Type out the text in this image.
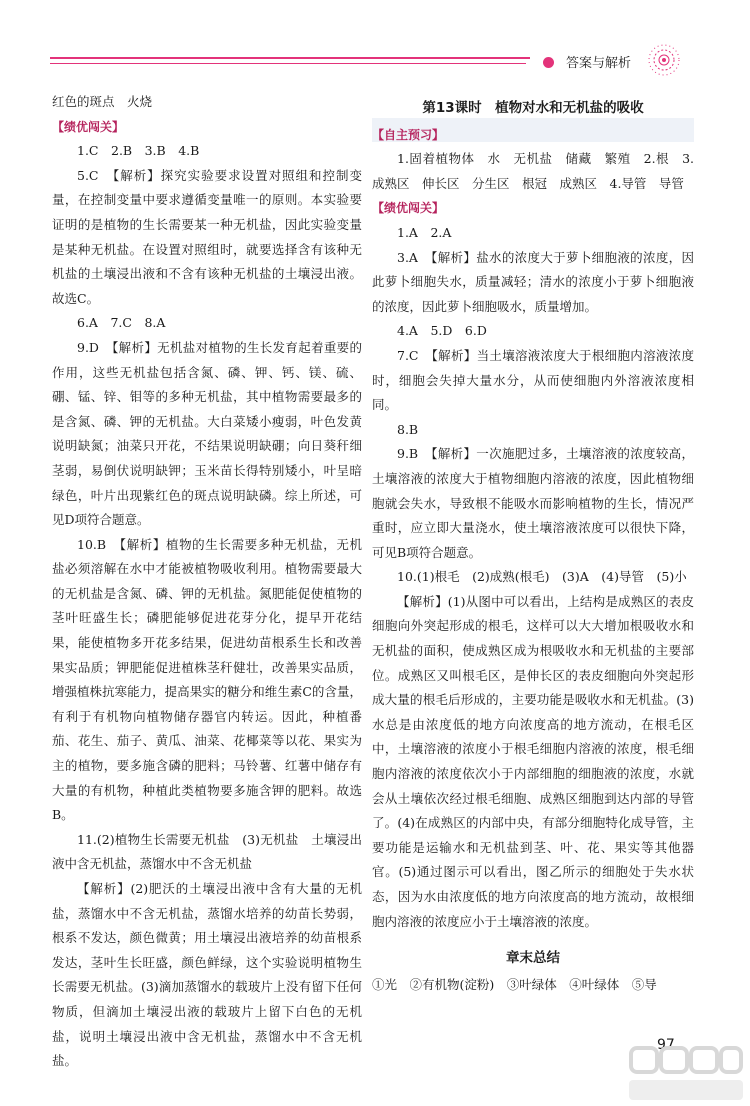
答案与解析

红色的斑点　火烧

【绩优闯关】

1.C　2.B　3.B　4.B

5.C　【解析】探究实验要求设置对照组和控制变量，在控制变量中要求遵循变量唯一的原则。本实验要证明的是植物的生长需要某一种无机盐，因此实验变量是某种无机盐。在设置对照组时，就要选择含有该种无机盐的土壤浸出液和不含有该种无机盐的土壤浸出液。故选C。

6.A　7.C　8.A

9.D　【解析】无机盐对植物的生长发育起着重要的作用，这些无机盐包括含氮、磷、钾、钙、镁、硫、硼、锰、锌、钼等的多种无机盐，其中植物需要最多的是含氮、磷、钾的无机盐。大白菜矮小瘦弱，叶色发黄说明缺氮；油菜只开花，不结果说明缺硼；向日葵秆细茎弱，易倒伏说明缺钾；玉米苗长得特别矮小，叶呈暗绿色，叶片出现紫红色的斑点说明缺磷。综上所述，可见D项符合题意。

10.B　【解析】植物的生长需要多种无机盐，无机盐必须溶解在水中才能被植物吸收利用。植物需要最大的无机盐是含氮、磷、钾的无机盐。氮肥能促使植物的茎叶旺盛生长；磷肥能够促进花芽分化，提早开花结果，能使植物多开花多结果，促进幼苗根系生长和改善果实品质；钾肥能促进植株茎秆健壮，改善果实品质，增强植株抗寒能力，提高果实的糖分和维生素C的含量，有利于有机物向植物储存器官内转运。因此，种植番茄、花生、茄子、黄瓜、油菜、花椰菜等以花、果实为主的植物，要多施含磷的肥料；马铃薯、红薯中储存有大量的有机物，种植此类植物要多施含钾的肥料。故选B。

11.(2)植物生长需要无机盐　(3)无机盐　土壤浸出液中含无机盐，蒸馏水中不含无机盐

【解析】(2)肥沃的土壤浸出液中含有大量的无机盐，蒸馏水中不含无机盐，蒸馏水培养的幼苗长势弱，根系不发达，颜色微黄；用土壤浸出液培养的幼苗根系发达，茎叶生长旺盛，颜色鲜绿，这个实验说明植物生长需要无机盐。(3)滴加蒸馏水的载玻片上没有留下任何物质，但滴加土壤浸出液的载玻片上留下白色的无机盐，说明土壤浸出液中含无机盐，蒸馏水中不含无机盐。

第13课时　植物对水和无机盐的吸收

【自主预习】

1.固着植物体　水　无机盐　储藏　繁殖　2.根　3.成熟区　伸长区　分生区　根冠　成熟区　4.导管　导管

【绩优闯关】

1.A　2.A

3.A　【解析】盐水的浓度大于萝卜细胞液的浓度，因此萝卜细胞失水，质量减轻；清水的浓度小于萝卜细胞液的浓度，因此萝卜细胞吸水，质量增加。

4.A　5.D　6.D

7.C　【解析】当土壤溶液浓度大于根细胞内溶液浓度时，细胞会失掉大量水分，从而使细胞内外溶液浓度相同。

8.B

9.B　【解析】一次施肥过多，土壤溶液的浓度较高，土壤溶液的浓度大于植物细胞内溶液的浓度，因此植物细胞就会失水，导致根不能吸水而影响植物的生长，情况严重时，应立即大量浇水，使土壤溶液浓度可以很快下降，可见B项符合题意。

10.(1)根毛　(2)成熟(根毛)　(3)A　(4)导管　(5)小

【解析】(1)从图中可以看出，上结构是成熟区的表皮细胞向外突起形成的根毛，这样可以大大增加根吸收水和无机盐的面积，使成熟区成为根吸收水和无机盐的主要部位。成熟区又叫根毛区，是伸长区的表皮细胞向外突起形成大量的根毛后形成的，主要功能是吸收水和无机盐。(3)水总是由浓度低的地方向浓度高的地方流动，在根毛区中，土壤溶液的浓度小于根毛细胞内溶液的浓度，根毛细胞内溶液的浓度依次小于内部细胞的细胞液的浓度，水就会从土壤依次经过根毛细胞、成熟区细胞到达内部的导管了。(4)在成熟区的内部中央，有部分细胞特化成导管，主要功能是运输水和无机盐到茎、叶、花、果实等其他器官。(5)通过图示可以看出，图乙所示的细胞处于失水状态，因为水由浓度低的地方向浓度高的地方流动，故根细胞内溶液的浓度应小于土壤溶液的浓度。

章末总结

①光　②有机物(淀粉)　③叶绿体　④叶绿体　⑤导

97
